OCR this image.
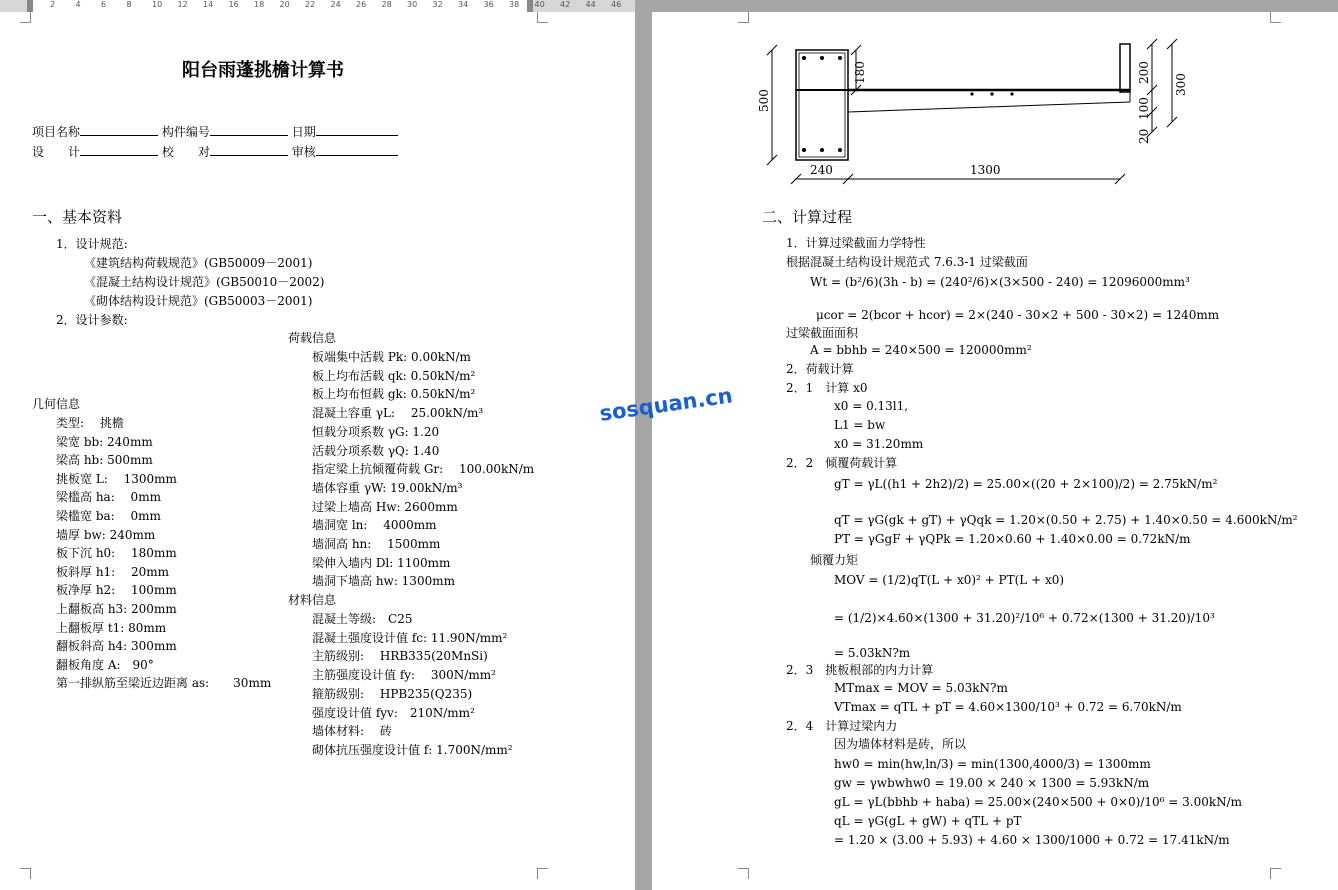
2	4	6	8	10 12 14 16 18 20 22 24 26 28 30 32 34 36 38 40 42 44 46
阳台雨蓬挑檐计算书
项目名称	构件编号	日期
设　　计	校　　对	审核
一、基本资料
1．设计规范:
《建筑结构荷载规范》(GB50009－2001)
《混凝土结构设计规范》(GB50010－2002)
《砌体结构设计规范》(GB50003－2001)
2．设计参数:
几何信息
类型:　 挑檐
梁宽 bb: 240mm
梁高 hb: 500mm
挑板宽 L:　 1300mm
梁槛高 ha:　 0mm
梁槛宽 ba:　 0mm
墙厚 bw: 240mm
板下沉 h0:　 180mm
板斜厚 h1:　 20mm
板净厚 h2:　 100mm
上翻板高 h3: 200mm
上翻板厚 t1: 80mm
翻板斜高 h4: 300mm
翻板角度 A:　90°
第一排纵筋至梁近边距离 as:　　30mm
荷载信息
板端集中活载 Pk: 0.00kN/m
板上均布活载 qk: 0.50kN/m²
板上均布恒载 gk: 0.50kN/m²
混凝土容重 γL:　 25.00kN/m³
恒载分项系数 γG: 1.20
活载分项系数 γQ: 1.40
指定梁上抗倾覆荷载 Gr:　 100.00kN/m
墙体容重 γW: 19.00kN/m³
过梁上墙高 Hw: 2600mm
墙洞宽 ln:　 4000mm
墙洞高 hn:　 1500mm
梁伸入墙内 Dl: 1100mm
墙洞下墙高 hw: 1300mm
材料信息
混凝土等级:　C25
混凝土强度设计值 fc: 11.90N/mm²
主筋级别:　 HRB335(20MnSi)
主筋强度设计值 fy:　 300N/mm²
箍筋级别:　 HPB235(Q235)
强度设计值 fyv:　210N/mm²
墙体材料:　 砖
砌体抗压强度设计值 f: 1.700N/mm²
500
180
240	1300
200
300
100
20
二、计算过程
1．计算过梁截面力学特性
根据混凝土结构设计规范式 7.6.3-1 过梁截面
Wt = (b²/6)(3h - b) = (240²/6)×(3×500 - 240) = 12096000mm³
μcor = 2(bcor + hcor) = 2×(240 - 30×2 + 500 - 30×2) = 1240mm
过梁截面面积
A = bbhb = 240×500 = 120000mm²
2．荷载计算
2．1　计算 x0
x0 = 0.13l1,
L1 = bw
x0 = 31.20mm
2．2　倾覆荷载计算
gT = γL((h1 + 2h2)/2) = 25.00×((20 + 2×100)/2) = 2.75kN/m²
qT = γG(gk + gT) + γQqk = 1.20×(0.50 + 2.75) + 1.40×0.50 = 4.600kN/m²
PT = γGgF + γQPk = 1.20×0.60 + 1.40×0.00 = 0.72kN/m
倾覆力矩
MOV = (1/2)qT(L + x0)² + PT(L + x0)
= (1/2)×4.60×(1300 + 31.20)²/10⁶ + 0.72×(1300 + 31.20)/10³
= 5.03kN?m
2．3　挑板根部的内力计算
MTmax = MOV = 5.03kN?m
VTmax = qTL + pT = 4.60×1300/10³ + 0.72 = 6.70kN/m
2．4　计算过梁内力
因为墙体材料是砖，所以
hw0 = min(hw,ln/3) = min(1300,4000/3) = 1300mm
gw = γwbwhw0 = 19.00 × 240 × 1300 = 5.93kN/m
gL = γL(bbhb + haba) = 25.00×(240×500 + 0×0)/10⁶ = 3.00kN/m
qL = γG(gL + gW) + qTL + pT
= 1.20 × (3.00 + 5.93) + 4.60 × 1300/1000 + 0.72 = 17.41kN/m
sosquan.cn
